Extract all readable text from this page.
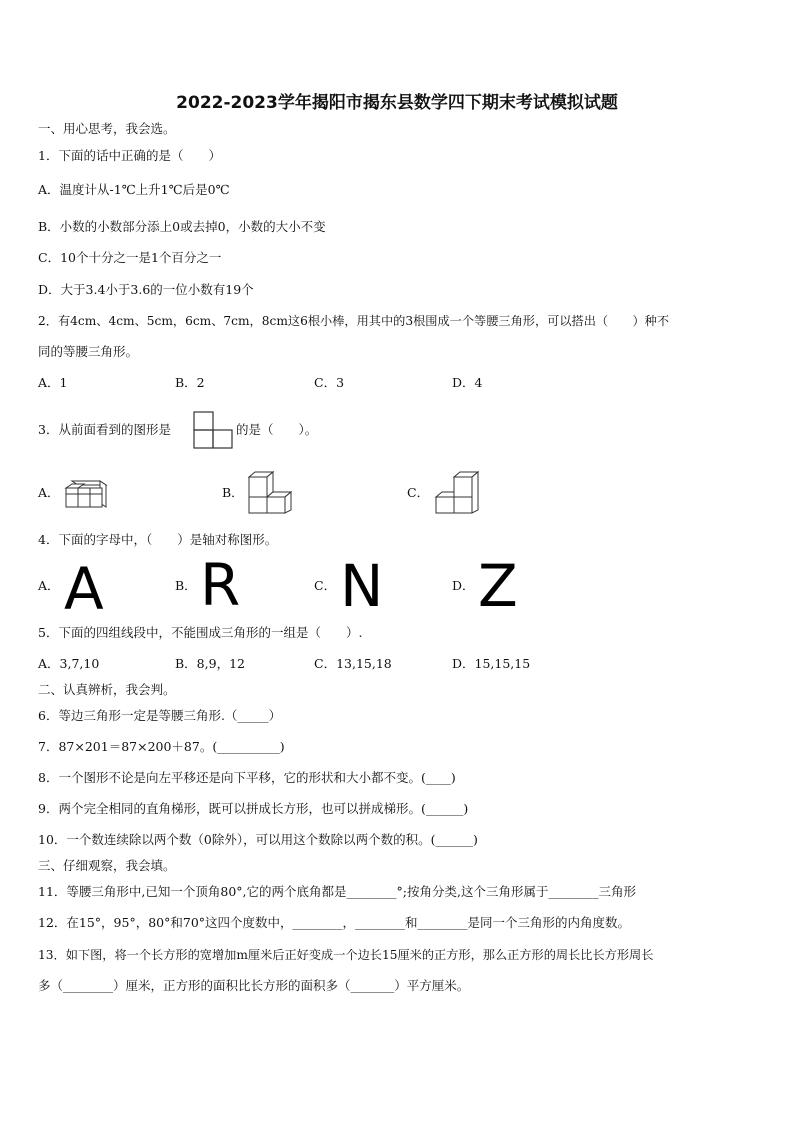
2022-2023学年揭阳市揭东县数学四下期末考试模拟试题
一、用心思考，我会选。
1．下面的话中正确的是（　　）
A．温度计从-1℃上升1℃后是0℃
B．小数的小数部分添上0或去掉0，小数的大小不变
C．10个十分之一是1个百分之一
D．大于3.4小于3.6的一位小数有19个
2．有4cm、4cm、5cm，6cm、7cm，8cm这6根小棒，用其中的3根围成一个等腰三角形，可以搭出（　　）种不
同的等腰三角形。
A．1	B．2	C．3	D．4
3．从前面看到的图形是	的是（　　）。
A．	B．	C．
4．下面的字母中，（　　）是轴对称图形。
A． A	B． R	C． N	D． Z
5．下面的四组线段中，不能围成三角形的一组是（　　）.
A．3,7,10	B．8,9，12	C．13,15,18	D．15,15,15
二、认真辨析，我会判。
6．等边三角形一定是等腰三角形.（_____）
7．87×201＝87×200＋87。(__________)
8．一个图形不论是向左平移还是向下平移，它的形状和大小都不变。(____)
9．两个完全相同的直角梯形，既可以拼成长方形，也可以拼成梯形。(______)
10．一个数连续除以两个数（0除外），可以用这个数除以两个数的积。(______)
三、仔细观察，我会填。
11．等腰三角形中,已知一个顶角80°,它的两个底角都是________°;按角分类,这个三角形属于________三角形
12．在15°，95°，80°和70°这四个度数中，________，________和________是同一个三角形的内角度数。
13．如下图，将一个长方形的宽增加m厘米后正好变成一个边长15厘米的正方形，那么正方形的周长比长方形周长
多（________）厘米，正方形的面积比长方形的面积多（_______）平方厘米。
